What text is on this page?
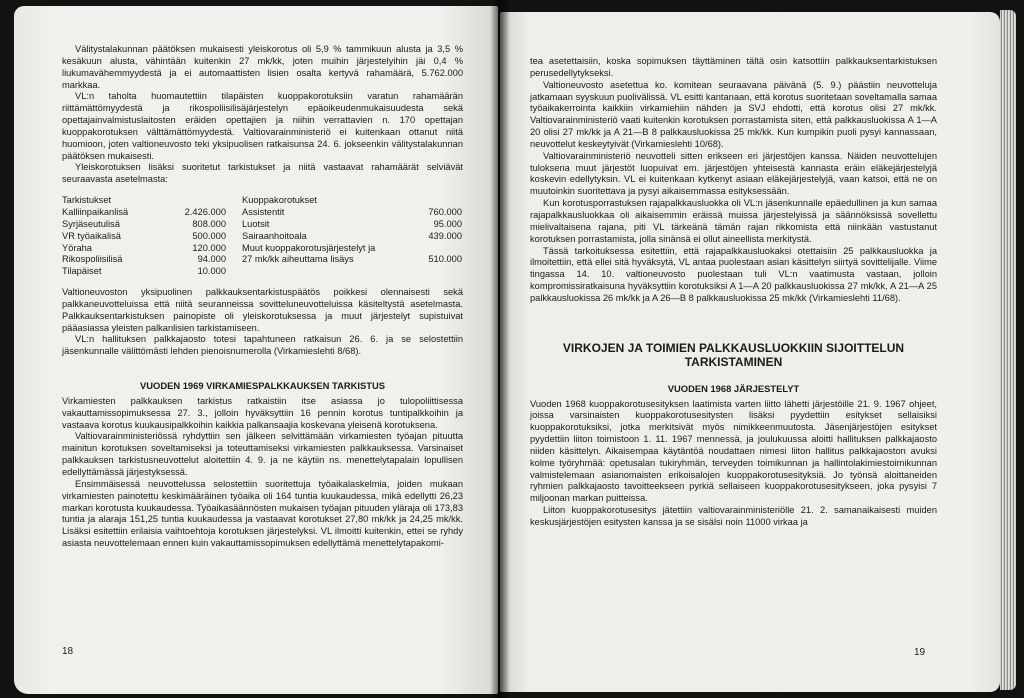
Välitystalakunnan päätöksen mukaisesti yleiskorotus oli 5,9 % tammikuun alusta ja 3,5 % kesäkuun alusta, vähintään kuitenkin 27 mk/kk, joten muihin järjestelyihin jäi 0,4 % liukumavähemmyydestä ja ei automaattisten lisien osalta kertyvä rahamäärä, 5.762.000 markkaa.

VL:n taholta huomautettiin tilapäisten kuoppakorotuksiin varatun rahamäärän riittämättömyydestä ja rikospoliisilisäjärjestelyn epäoikeudenmukaisuudesta sekä opettajainvalmistuslaitosten eräiden opettajien ja niihin verrattavien n. 170 opettajan kuoppakorotuksen välttämättömyydestä. Valtiovarainministeriö ei kuitenkaan ottanut niitä huomioon, joten valtioneuvosto teki yksipuolisen ratkaisunsa 24. 6. jokseenkin välitystalakunnan päätöksen mukaisesti.

Yleiskorotuksen lisäksi suoritetut tarkistukset ja niitä vastaavat rahamäärät selviävät seuraavasta asetelmasta:

Tarkistukset			Kuoppakorotukset	
Kalliinpaikanlisä	2.426.000		Assistentit	760.000
Syrjäseutulisä	808.000		Luotsit	95.000
VR työaikalisä	500.000		Sairaanhoitoala	439.000
Yöraha	120.000		Muut kuoppakorotusjärjestelyt ja	
Rikospoliisilisä	94.000		27 mk/kk aiheuttama lisäys	510.000
Tilapäiset	10.000			

Valtioneuvoston yksipuolinen palkkauksentarkistuspäätös poikkesi olennaisesti sekä palkkaneuvotteluissa että niitä seuranneissa sovitteluneuvotteluissa käsiteltystä asetelmasta. Palkkauksentarkistuksen painopiste oli yleiskorotuksessa ja muut järjestelyt supistuivat pääasiassa yleisten palkanlisien tarkistamiseen.

VL:n hallituksen palkkajaosto totesi tapahtuneen ratkaisun 26. 6. ja se selostettiin jäsenkunnalle välittömästi lehden pienoisnumerolla (Virkamieslehti 8/68).

VUODEN 1969 VIRKAMIESPALKKAUKSEN TARKISTUS

Virkamiesten palkkauksen tarkistus ratkaistiin itse asiassa jo tulopoliittisessa vakauttamissopimuksessa 27. 3., jolloin hyväksyttiin 16 pennin korotus tuntipalkkoihin ja vastaava korotus kuukausipalkkoihin kaikkia palkansaajia koskevana yleisenä korotuksena.

Valtiovarainministeriössä ryhdyttiin sen jälkeen selvittämään virkamiesten työajan pituutta mainitun korotuksen soveltamiseksi ja toteuttamiseksi virkamiesten palkkauksessa. Varsinaiset palkkauksen tarkistusneuvottelut aloitettiin 4. 9. ja ne käytiin ns. menettelytapalain lopullisen edellyttämässä järjestyksessä.

Ensimmäisessä neuvottelussa selostettiin suoritettuja työaikalaskelmia, joiden mukaan virkamiesten painotettu keskimääräinen työaika oli 164 tuntia kuukaudessa, mikä edellytti 26,23 markan korotusta kuukaudessa. Työaikasäännösten mukaisen työajan pituuden yläraja oli 173,83 tuntia ja alaraja 151,25 tuntia kuukaudessa ja vastaavat korotukset 27,80 mk/kk ja 24,25 mk/kk. Lisäksi esitettiin erilaisia vaihtoehtoja korotuksen järjestelyksi. VL ilmoitti kuitenkin, ettei se ryhdy asiasta neuvottelemaan ennen kuin vakauttamissopimuksen edellyttämä menettelytapakomi-

18

tea asetettaisiin, koska sopimuksen täyttäminen tältä osin katsottiin palkkauksentarkistuksen perusedellytykseksi.

Valtioneuvosto asetettua ko. komitean seuraavana päivänä (5. 9.) päästiin neuvotteluja jatkamaan syyskuun puolivälissä. VL esitti kantanaan, että korotus suoritetaan soveltamalla samaa työaikakerrointa kaikkiin virkamiehiin nähden ja SVJ ehdotti, että korotus olisi 27 mk/kk. Valtiovarainministeriö vaati kuitenkin korotuksen porrastamista siten, että palkkausluokissa A 1—A 20 olisi 27 mk/kk ja A 21—B 8 palkkausluokissa 25 mk/kk. Kun kumpikin puoli pysyi kannassaan, neuvottelut keskeytyivät (Virkamieslehti 10/68).

Valtiovarainministeriö neuvotteli sitten erikseen eri järjestöjen kanssa. Näiden neuvottelujen tuloksena muut järjestöt luopuivat em. järjestöjen yhteisestä kannasta eräin eläkejärjestelyjä koskevin edellytyksin. VL ei kuitenkaan kytkenyt asiaan eläkejärjestelyjä, vaan katsoi, että ne on muutoinkin suoritettava ja pysyi aikaisemmassa esityksessään.

Kun korotusporrastuksen rajapalkkausluokka oli VL:n jäsenkunnalle epäedullinen ja kun samaa rajapalkkausluokkaa oli aikaisemmin eräissä muissa järjestelyissä ja säännöksissä sovellettu mielivaltaisena rajana, piti VL tärkeänä tämän rajan rikkomista että niinkään vastustanut korotuksen porrastamista, jolla sinänsä ei ollut aineellista merkitystä.

Tässä tarkoituksessa esitettiin, että rajapalkkausluokaksi otettaisiin 25 palkkausluokka ja ilmoitettiin, että ellei sitä hyväksytä, VL antaa puolestaan asian käsittelyn siirtyä sovittelijalle. Viime tingassa 14. 10. valtioneuvosto puolestaan tuli VL:n vaatimusta vastaan, jolloin kompromissiratkaisuna hyväksyttiin korotuksiksi A 1—A 20 palkkausluokissa 27 mk/kk, A 21—A 25 palkkausluokissa 26 mk/kk ja A 26—B 8 palkkausluokissa 25 mk/kk (Virkamieslehti 11/68).

VIRKOJEN JA TOIMIEN PALKKAUSLUOKKIIN SIJOITTELUN TARKISTAMINEN
VUODEN 1968 JÄRJESTELYT

Vuoden 1968 kuoppakorotusesityksen laatimista varten liitto lähetti järjestöille 21. 9. 1967 ohjeet, joissa varsinaisten kuoppakorotusesitysten lisäksi pyydettiin esitykset sellaisiksi kuoppakorotuksiksi, jotka merkitsivät myös nimikkeenmuutosta. Jäsenjärjestöjen esitykset pyydettiin liiton toimistoon 1. 11. 1967 mennessä, ja joulukuussa aloitti hallituksen palkkajaosto niiden käsittelyn. Aikaisempaa käytäntöä noudattaen nimesi liiton hallitus palkkajaoston avuksi kolme työryhmää: opetusalan tukiryhmän, terveyden toimikunnan ja hallintolakimiestoimikunnan valmistelemaan asianomaisten erikoisalojen kuoppakorotusesityksiä. Jo työnsä aloittaneiden ryhmien palkkajaosto tavoitteekseen pyrkiä sellaiseen kuoppakorotusesitykseen, joka pysyisi 7 miljoonan markan puitteissa.

Liiton kuoppakorotusesitys jätettiin valtiovarainministeriölle 21. 2. samanaikaisesti muiden keskusjärjestöjen esitysten kanssa ja se sisälsi noin 11000 virkaa ja

19
